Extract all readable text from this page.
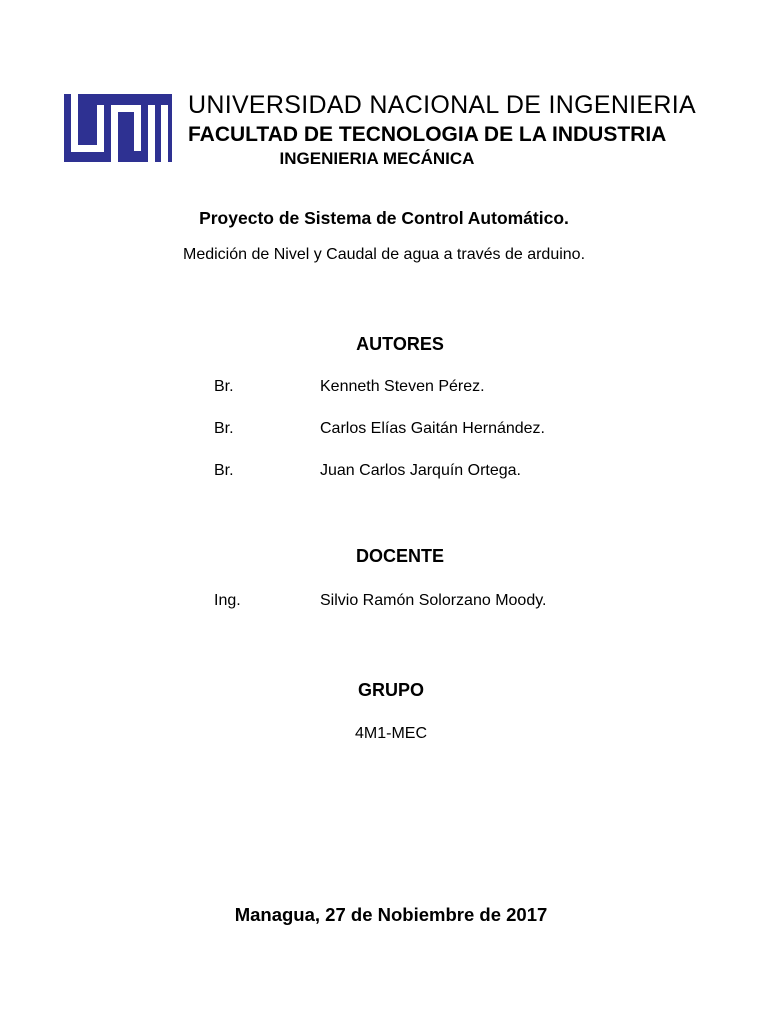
UNIVERSIDAD NACIONAL DE INGENIERIA
FACULTAD DE TECNOLOGIA DE LA INDUSTRIA
INGENIERIA MECÁNICA
Proyecto de Sistema de Control Automático.
Medición de Nivel y Caudal de agua a través de arduino.
AUTORES
Br.	Kenneth Steven Pérez.
Br.	Carlos Elías Gaitán Hernández.
Br.	Juan Carlos Jarquín Ortega.
DOCENTE
Ing.	Silvio Ramón Solorzano Moody.
GRUPO
4M1-MEC
Managua, 27 de Nobiembre de 2017
